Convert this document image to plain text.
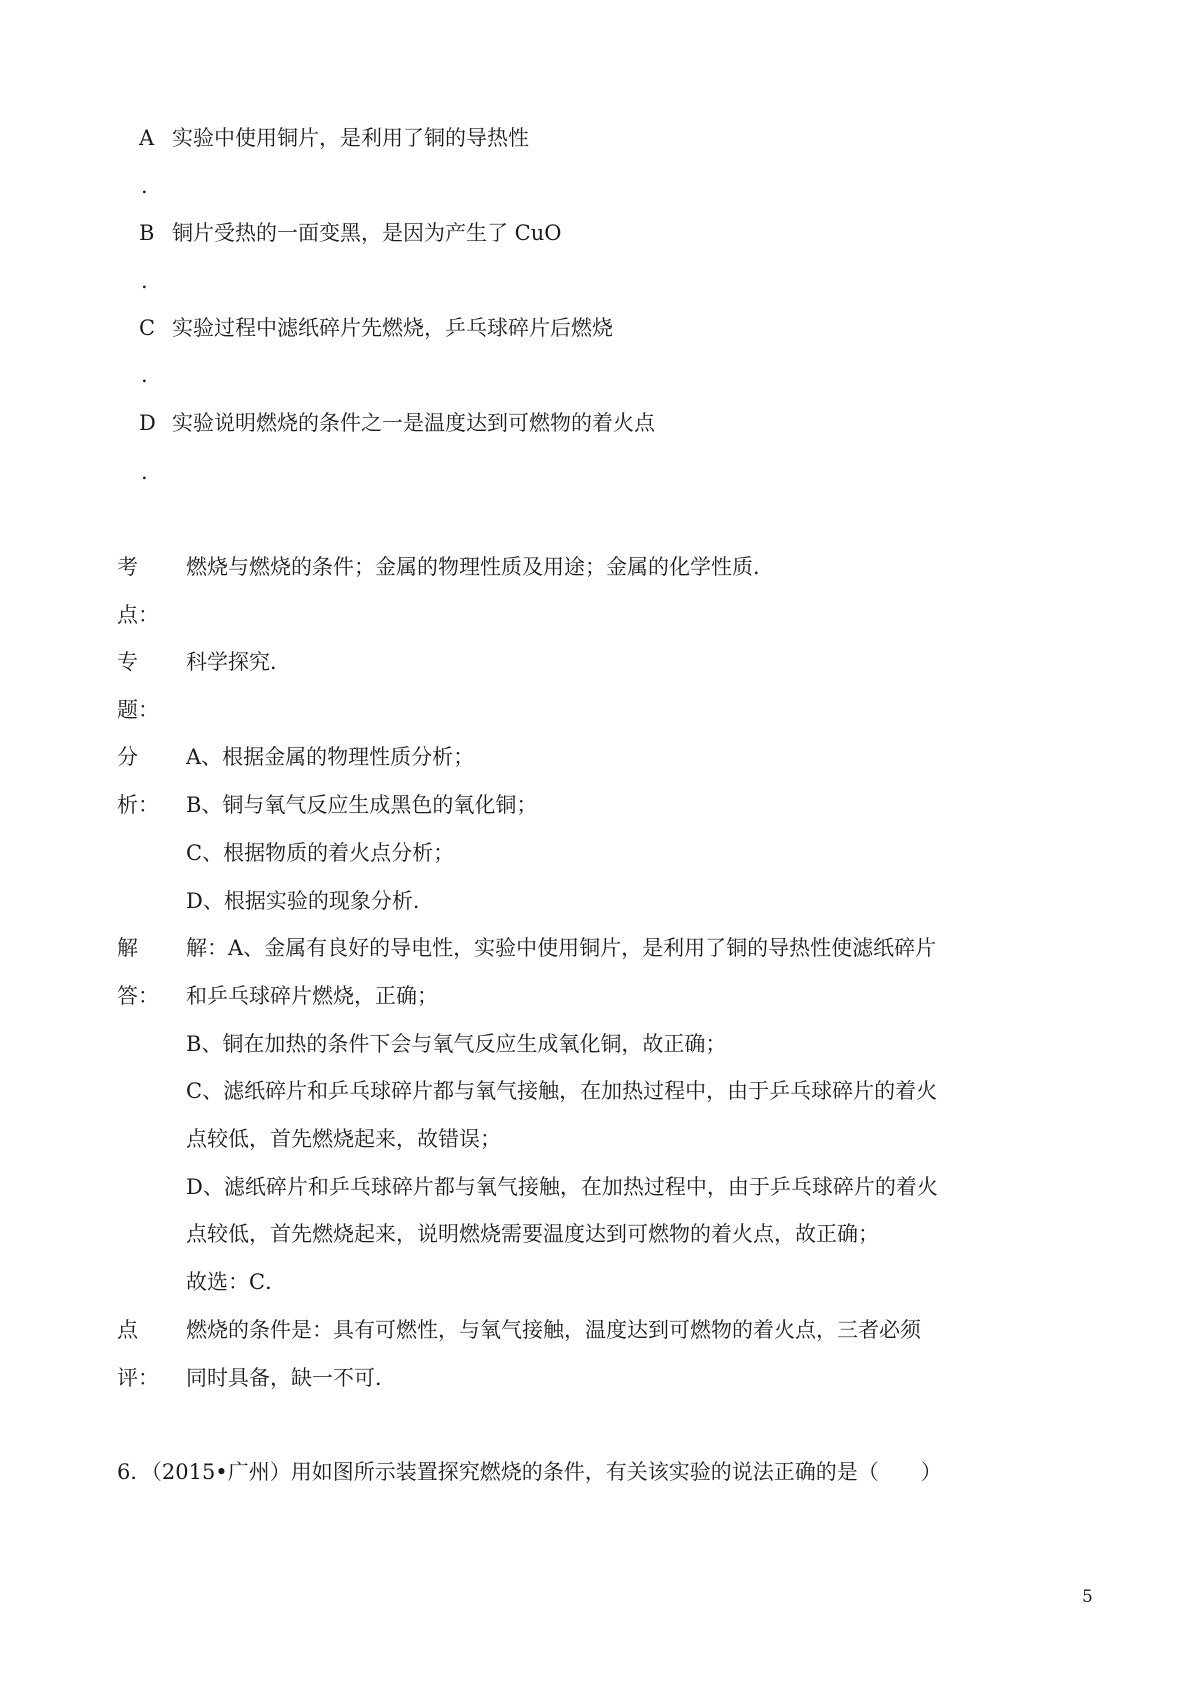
A 实验中使用铜片，是利用了铜的导热性
.
B 铜片受热的一面变黑，是因为产生了 CuO
.
C 实验过程中滤纸碎片先燃烧，乒乓球碎片后燃烧
.
D 实验说明燃烧的条件之一是温度达到可燃物的着火点
.
考
点：
燃烧与燃烧的条件；金属的物理性质及用途；金属的化学性质．
专
题：
科学探究．
分
析：
A、根据金属的物理性质分析；
B、铜与氧气反应生成黑色的氧化铜；
C、根据物质的着火点分析；
D、根据实验的现象分析．
解
答：
解：A、金属有良好的导电性，实验中使用铜片，是利用了铜的导热性使滤纸碎片
和乒乓球碎片燃烧，正确；
B、铜在加热的条件下会与氧气反应生成氧化铜，故正确；
C、滤纸碎片和乒乓球碎片都与氧气接触，在加热过程中，由于乒乓球碎片的着火
点较低，首先燃烧起来，故错误；
D、滤纸碎片和乒乓球碎片都与氧气接触，在加热过程中，由于乒乓球碎片的着火
点较低，首先燃烧起来，说明燃烧需要温度达到可燃物的着火点，故正确；
故选：C．
点
评：
燃烧的条件是：具有可燃性，与氧气接触，温度达到可燃物的着火点，三者必须
同时具备，缺一不可．
6．（2015•广州）用如图所示装置探究燃烧的条件，有关该实验的说法正确的是（　　）
5
